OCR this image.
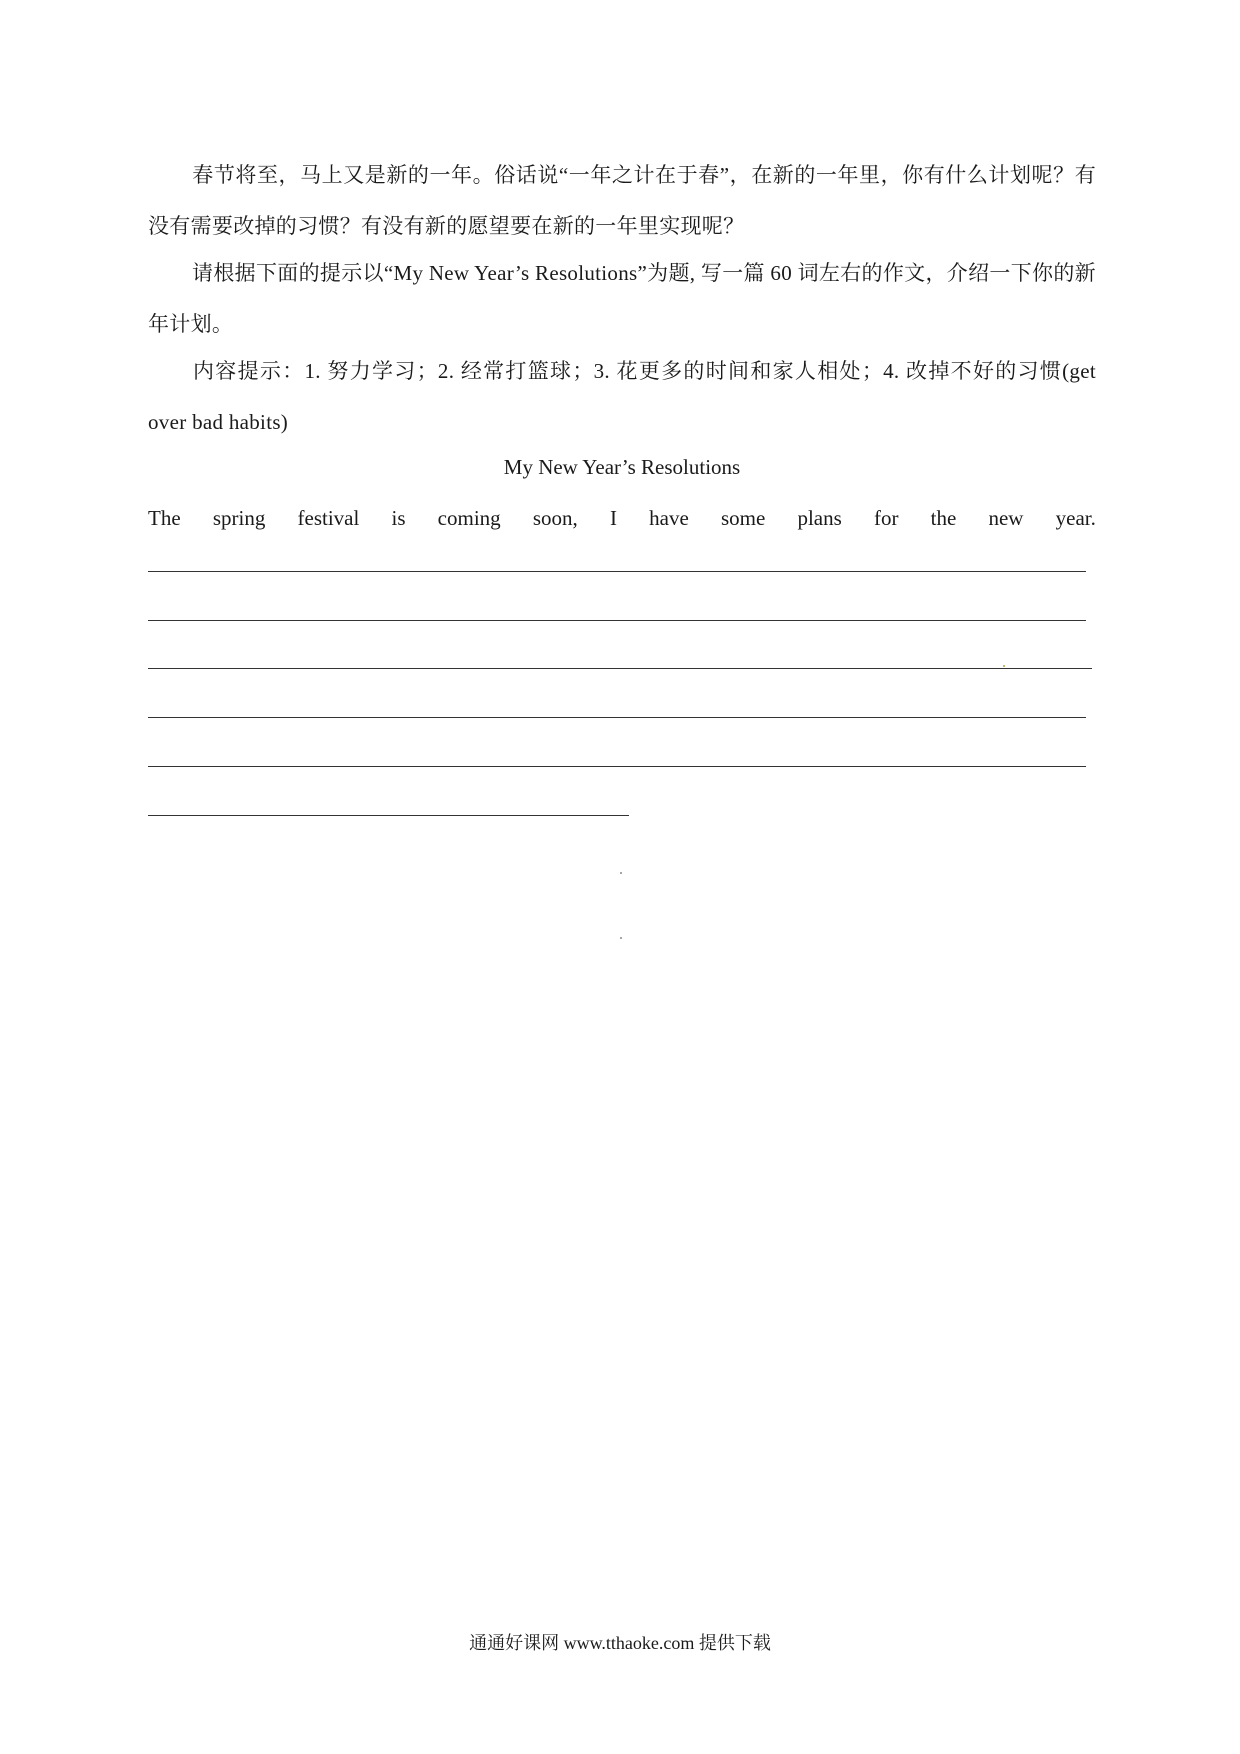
春节将至，马上又是新的一年。俗话说“一年之计在于春”，在新的一年里，你有什么计划呢？有没有需要改掉的习惯？有没有新的愿望要在新的一年里实现呢？

请根据下面的提示以“My New Year’s Resolutions”为题, 写一篇 60 词左右的作文，介绍一下你的新年计划。

内容提示：1. 努力学习；2. 经常打篮球；3. 花更多的时间和家人相处；4. 改掉不好的习惯(get over bad habits)

My New Year’s Resolutions
The spring festival is coming soon, I have some plans for the new year.
通通好课网 www.tthaoke.com 提供下载
